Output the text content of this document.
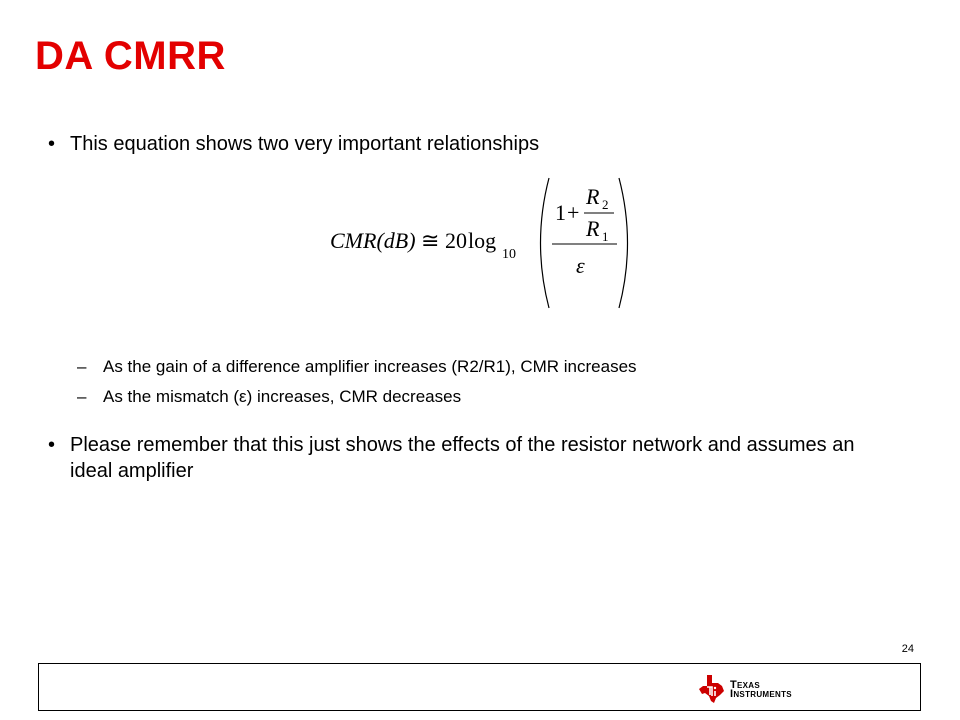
DA CMRR
• This equation shows two very important relationships
CMR(dB) ≅ 20 log
10
1 +
R 2
R 1
ε
– As the gain of a difference amplifier increases (R2/R1), CMR increases
– As the mismatch (ε) increases, CMR decreases
• Please remember that this just shows the effects of the resistor network and assumes an ideal amplifier
24
TEXAS
INSTRUMENTS
